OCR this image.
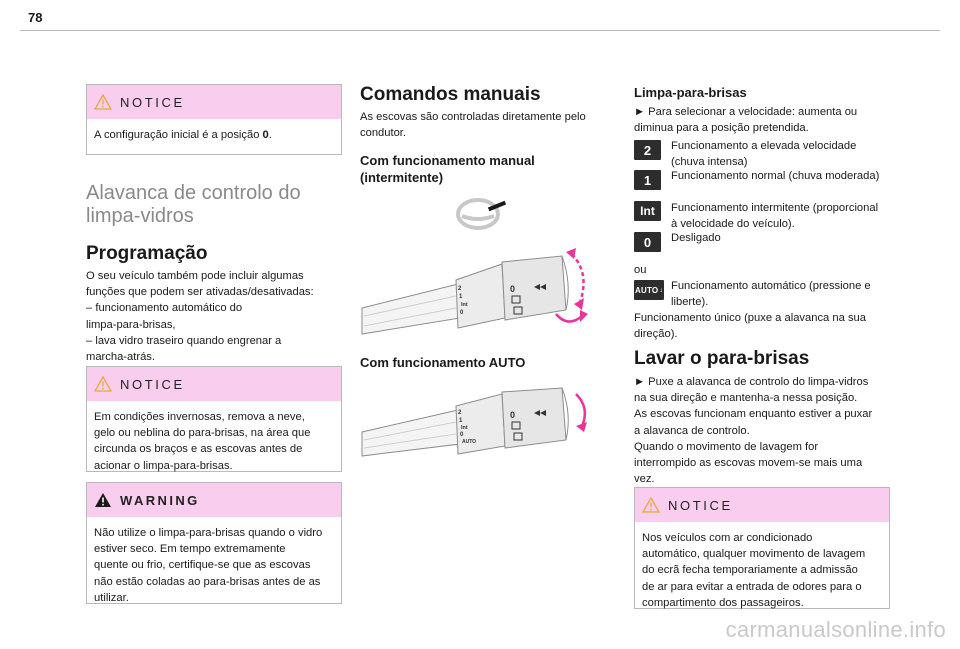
78
NOTICE
A configuração inicial é a posição 0.
Alavanca de controlo do
limpa-vidros
Programação
O seu veículo também pode incluir algumas
funções que podem ser ativadas/desativadas:
– funcionamento automático do
limpa-para-brisas,
– lava vidro traseiro quando engrenar a
marcha-atrás.
NOTICE
Em condições invernosas, remova a neve,
gelo ou neblina do para-brisas, na área que
circunda os braços e as escovas antes de
acionar o limpa-para-brisas.
WARNING
Não utilize o limpa-para-brisas quando o vidro
estiver seco. Em tempo extremamente
quente ou frio, certifique-se que as escovas
não estão coladas ao para-brisas antes de as
utilizar.
Comandos manuais
As escovas são controladas diretamente pelo
condutor.
Com funcionamento manual
(intermitente)
2
1
Int
0
0
Com funcionamento AUTO
2
1
Int
0
AUTO
0
Limpa-para-brisas
► Para selecionar a velocidade: aumenta ou
diminua para a posição pretendida.
2	Funcionamento a elevada velocidade
(chuva intensa)
1	Funcionamento normal (chuva moderada)
Int	Funcionamento intermitente (proporcional
à velocidade do veículo).
0	Desligado
ou
AUTO ↓ Funcionamento automático (pressione e
liberte).
Funcionamento único (puxe a alavanca na sua
direção).
Lavar o para-brisas
► Puxe a alavanca de controlo do limpa-vidros
na sua direção e mantenha-a nessa posição.
As escovas funcionam enquanto estiver a puxar
a alavanca de controlo.
Quando o movimento de lavagem for
interrompido as escovas movem-se mais uma
vez.
NOTICE
Nos veículos com ar condicionado
automático, qualquer movimento de lavagem
do ecrã fecha temporariamente a admissão
de ar para evitar a entrada de odores para o
compartimento dos passageiros.
carmanualsonline.info
